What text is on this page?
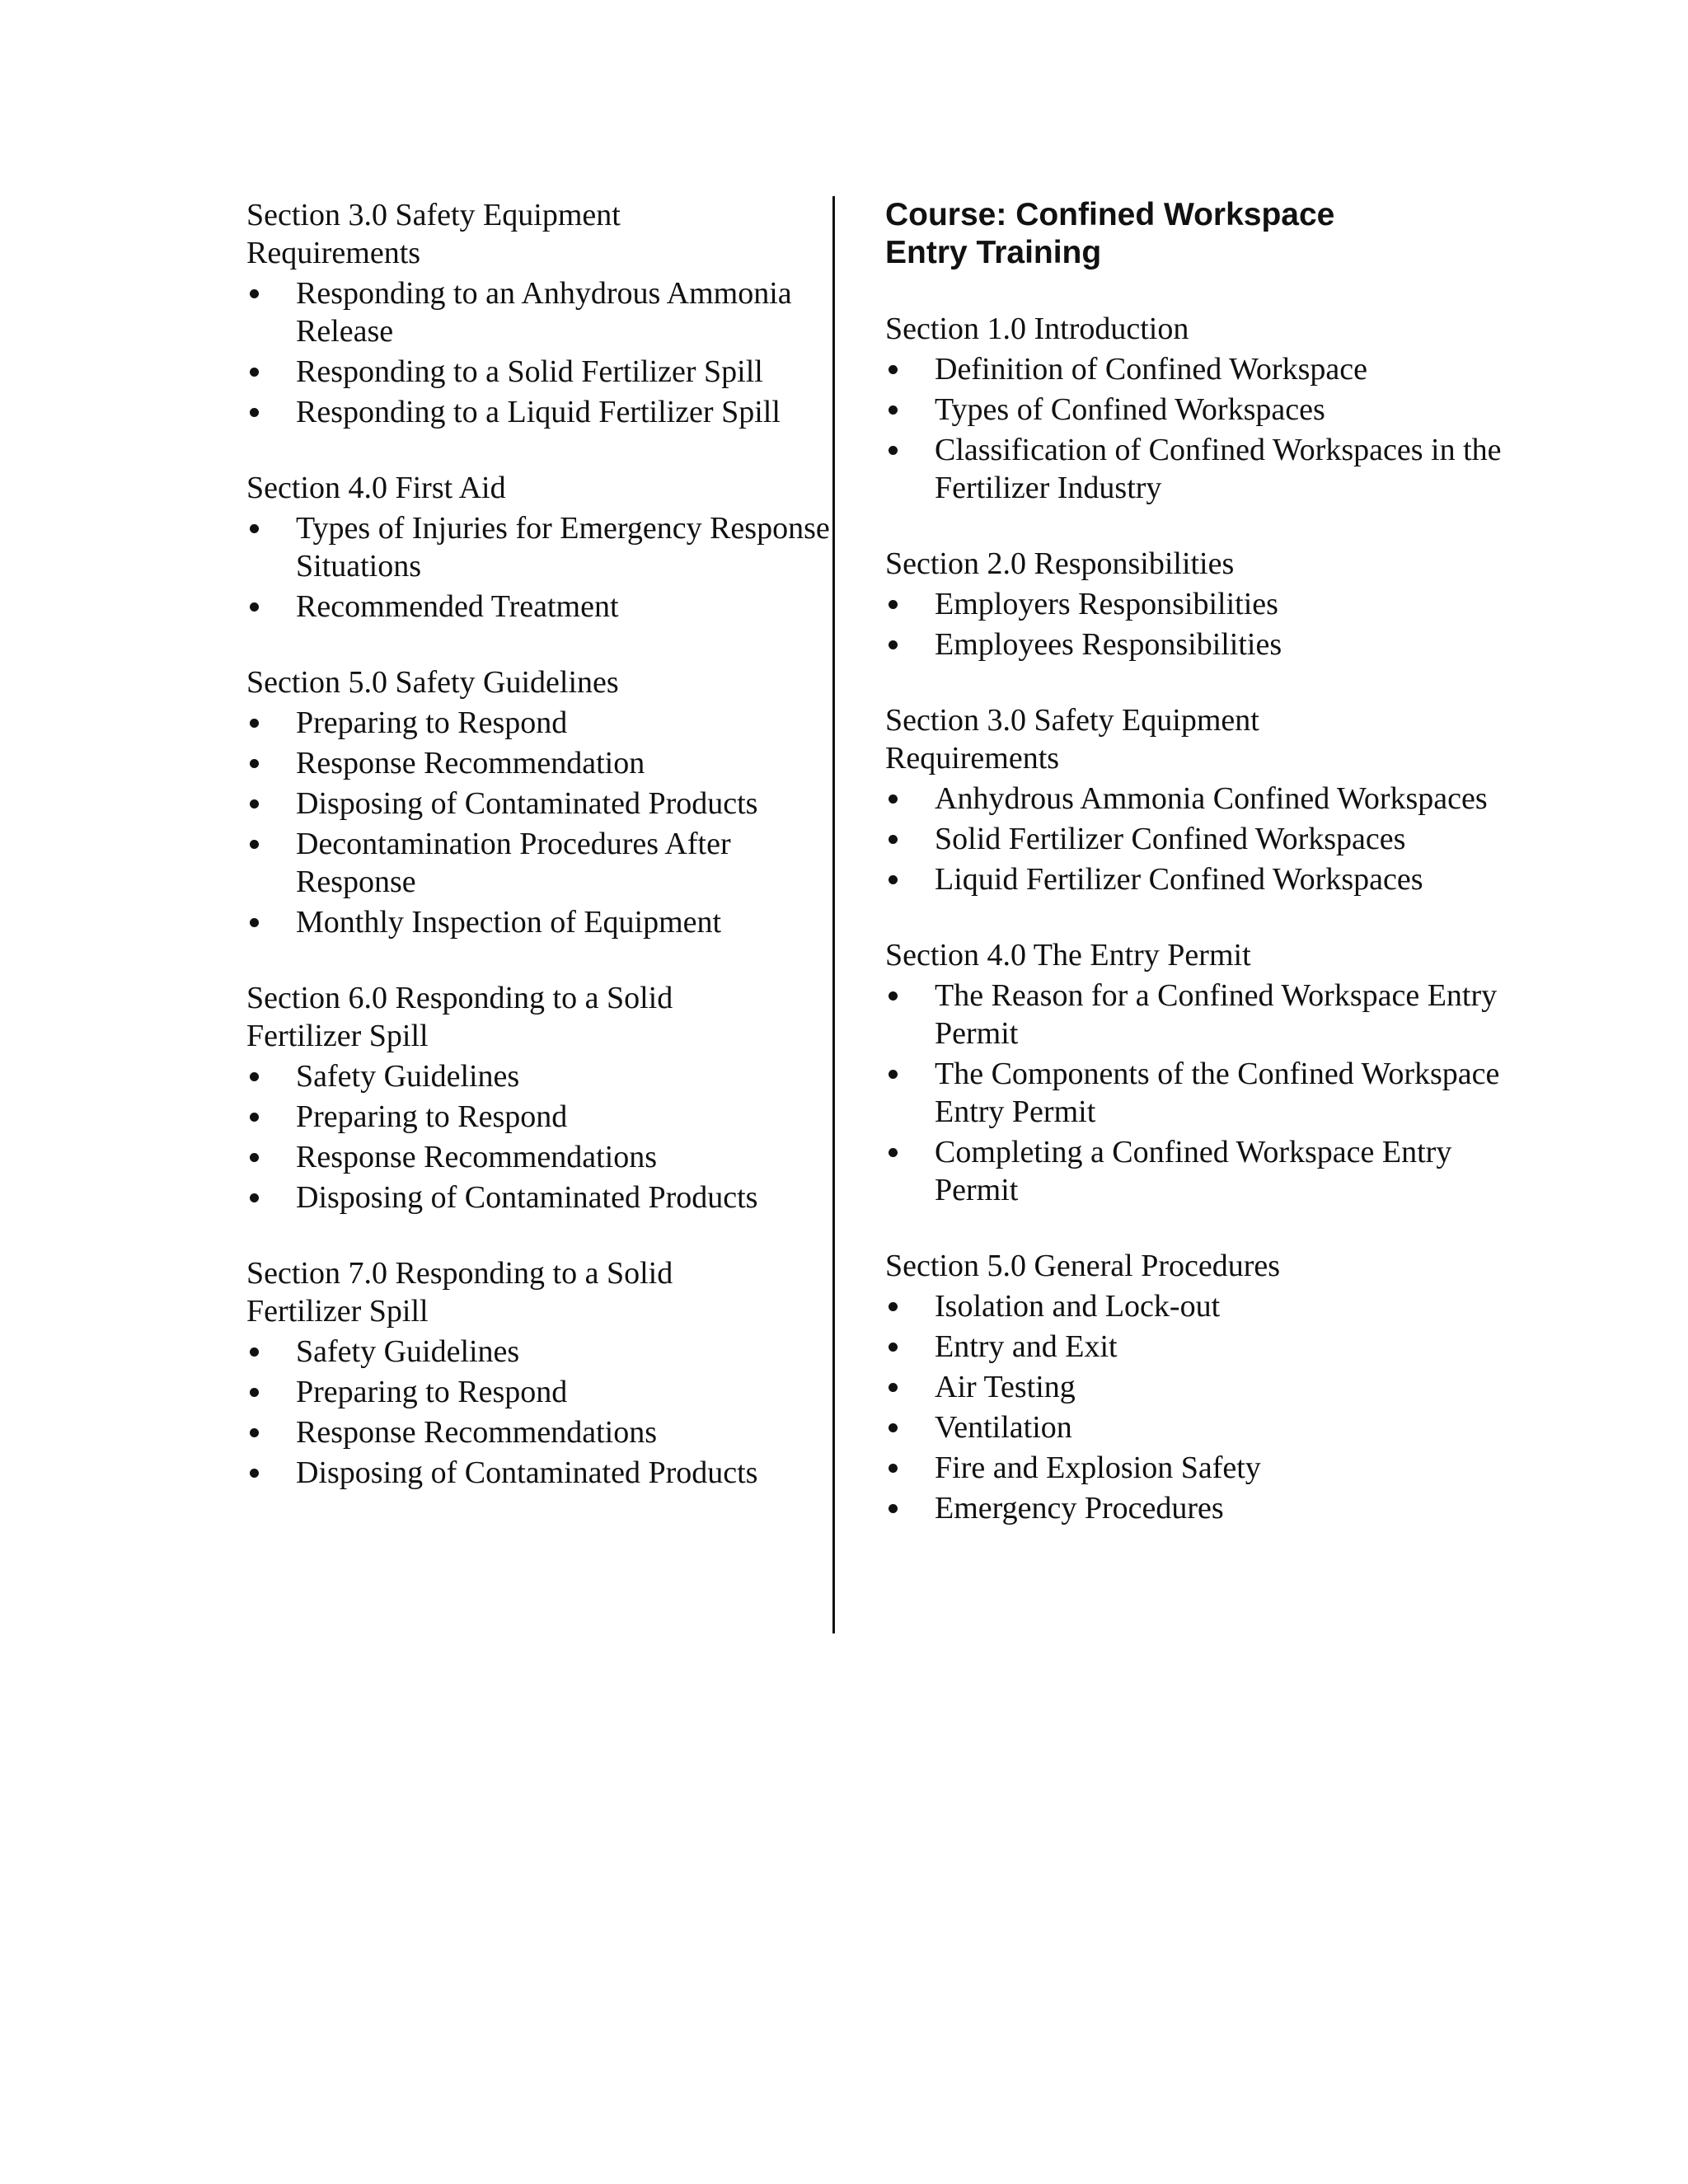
Section 3.0 Safety Equipment Requirements
Responding to an Anhydrous Ammonia Release
Responding to a Solid Fertilizer Spill
Responding to a Liquid Fertilizer Spill
Section 4.0 First Aid
Types of Injuries for Emergency Response Situations
Recommended Treatment
Section 5.0 Safety Guidelines
Preparing to Respond
Response Recommendation
Disposing of Contaminated Products
Decontamination Procedures After Response
Monthly Inspection of Equipment
Section 6.0 Responding to a Solid Fertilizer Spill
Safety Guidelines
Preparing to Respond
Response Recommendations
Disposing of Contaminated Products
Section 7.0 Responding to a Solid Fertilizer Spill
Safety Guidelines
Preparing to Respond
Response Recommendations
Disposing of Contaminated Products
Course: Confined Workspace Entry Training
Section 1.0 Introduction
Definition of Confined Workspace
Types of Confined Workspaces
Classification of Confined Workspaces in the Fertilizer Industry
Section 2.0 Responsibilities
Employers Responsibilities
Employees Responsibilities
Section 3.0 Safety Equipment Requirements
Anhydrous Ammonia Confined Workspaces
Solid Fertilizer Confined Workspaces
Liquid Fertilizer Confined Workspaces
Section 4.0 The Entry Permit
The Reason for a Confined Workspace Entry Permit
The Components of the Confined Workspace Entry Permit
Completing a Confined Workspace Entry Permit
Section 5.0 General Procedures
Isolation and Lock-out
Entry and Exit
Air Testing
Ventilation
Fire and Explosion Safety
Emergency Procedures
